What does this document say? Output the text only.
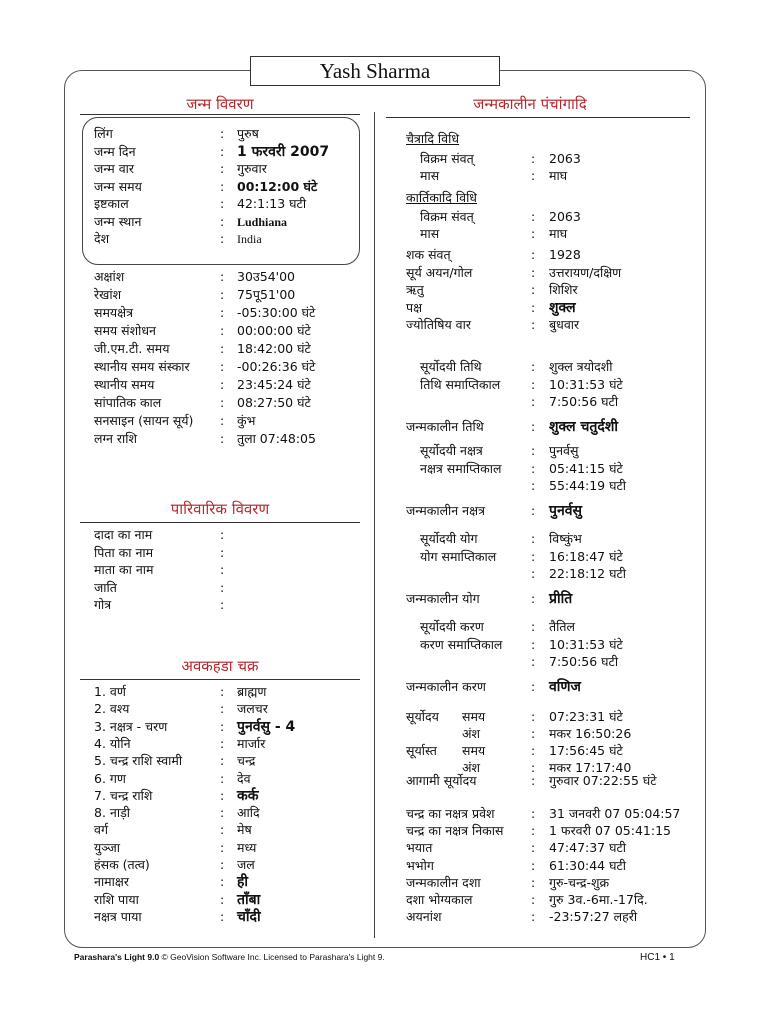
Yash Sharma
जन्म विवरण
लिंग	: पुरुष
जन्म दिन	: 1 फरवरी 2007
जन्म वार	: गुरुवार
जन्म समय	: 00:12:00 घंटे
इष्टकाल	: 42:1:13 घटी
जन्म स्थान	: Ludhiana
देश	: India
अक्षांश	: 30उ54'00
रेखांश	: 75पू51'00
समयक्षेत्र	: -05:30:00 घंटे
समय संशोधन	: 00:00:00 घंटे
जी.एम.टी. समय	: 18:42:00 घंटे
स्थानीय समय संस्कार : -00:26:36 घंटे
स्थानीय समय	: 23:45:24 घंटे
सांपातिक काल	: 08:27:50 घंटे
सनसाइन (सायन सूर्य) : कुंभ
लग्न राशि	: तुला 07:48:05
पारिवारिक विवरण
दादा का नाम	:
पिता का नाम	:
माता का नाम	:
जाति	:
गोत्र	:
अवकहडा चक्र
1. वर्ण	: ब्राह्मण
2. वश्य	: जलचर
3. नक्षत्र - चरण	: पुनर्वसु - 4
4. योनि	: मार्जार
5. चन्द्र राशि स्वामी	: चन्द्र
6. गण	: देव
7. चन्द्र राशि	: कर्क
8. नाड़ी	: आदि
वर्ग	: मेष
युञ्जा	: मध्य
हंसक (तत्व)	: जल
नामाक्षर	: ही
राशि पाया	: ताँबा
नक्षत्र पाया	: चाँदी
जन्मकालीन पंचांगादि
चैत्रादि विधि
विक्रम संवत्	: 2063
मास	: माघ
कार्तिकादि विधि
विक्रम संवत्	: 2063
मास	: माघ
शक संवत्	: 1928
सूर्य अयन/गोल	: उत्तरायण/दक्षिण
ऋतु	: शिशिर
पक्ष	: शुक्ल
ज्योतिषिय वार	: बुधवार
सूर्योदयी तिथि	: शुक्ल त्रयोदशी
तिथि समाप्तिकाल : 10:31:53 घंटे
: 7:50:56 घटी
जन्मकालीन तिथि	: शुक्ल चतुर्दशी
सूर्योदयी नक्षत्र	: पुनर्वसु
नक्षत्र समाप्तिकाल : 05:41:15 घंटे
: 55:44:19 घटी
जन्मकालीन नक्षत्र	: पुनर्वसु
सूर्योदयी योग	: विष्कुंभ
योग समाप्तिकाल	: 16:18:47 घंटे
: 22:18:12 घटी
जन्मकालीन योग	: प्रीति
सूर्योदयी करण	: तैतिल
करण समाप्तिकाल : 10:31:53 घंटे
: 7:50:56 घटी
जन्मकालीन करण	: वणिज
सूर्योदय समय	: 07:23:31 घंटे
अंश	: मकर 16:50:26
सूर्यास्त समय	: 17:56:45 घंटे
अंश	: मकर 17:17:40
आगामी सूर्योदय	: गुरुवार 07:22:55 घंटे
चन्द्र का नक्षत्र प्रवेश	: 31 जनवरी 07 05:04:57
चन्द्र का नक्षत्र निकास : 1 फरवरी 07 05:41:15
भयात	: 47:47:37 घटी
भभोग	: 61:30:44 घटी
जन्मकालीन दशा	: गुरु-चन्द्र-शुक्र
दशा भोग्यकाल	: गुरु 3व.-6मा.-17दि.
अयनांश	: -23:57:27 लहरी
Parashara's Light 9.0 © GeoVision Software Inc. Licensed to Parashara's Light 9.	HC1 • 1
